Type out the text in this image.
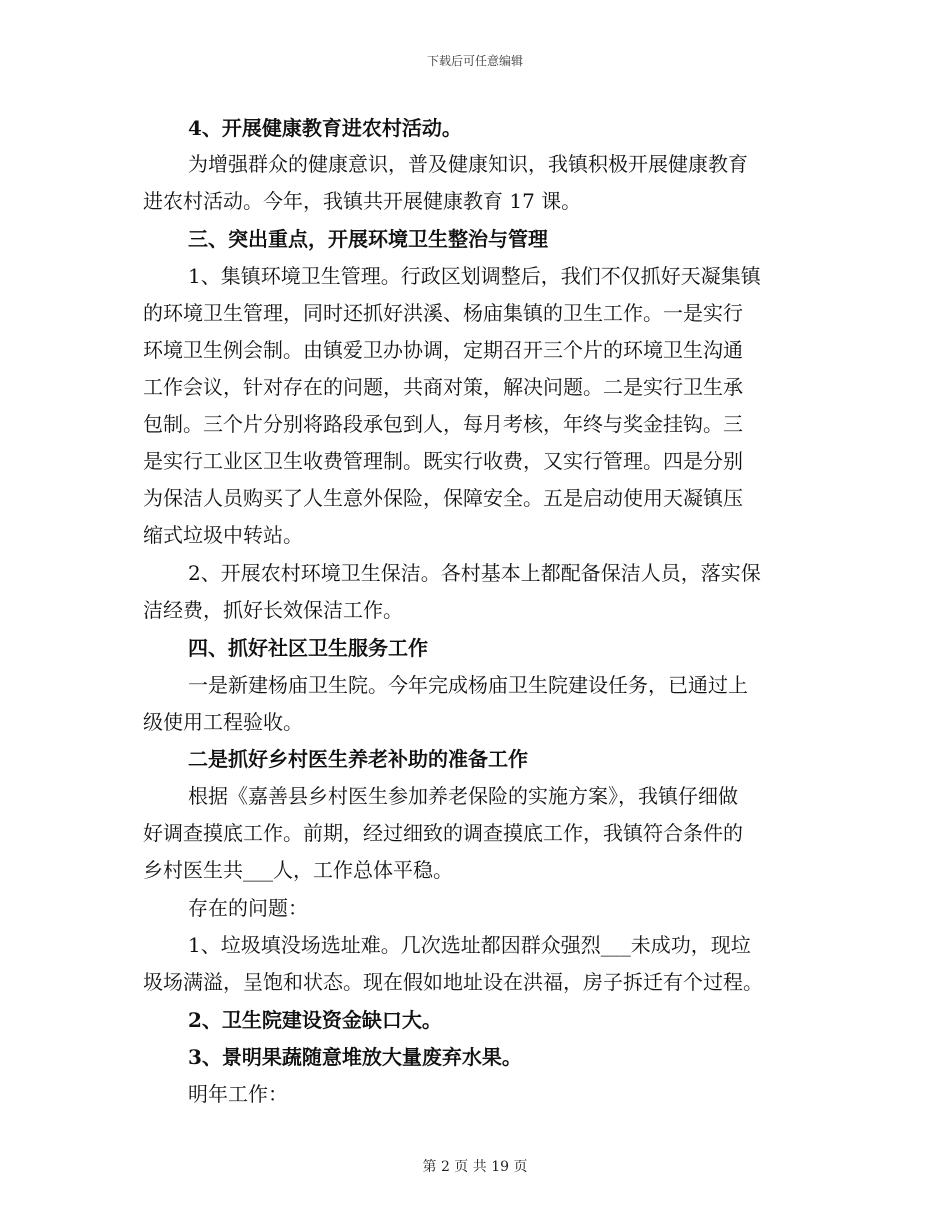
下载后可任意编辑
4、开展健康教育进农村活动。
为增强群众的健康意识，普及健康知识，我镇积极开展健康教育
进农村活动。今年，我镇共开展健康教育 17 课。
三、突出重点，开展环境卫生整治与管理
1、集镇环境卫生管理。行政区划调整后，我们不仅抓好天凝集镇
的环境卫生管理，同时还抓好洪溪、杨庙集镇的卫生工作。一是实行
环境卫生例会制。由镇爱卫办协调，定期召开三个片的环境卫生沟通
工作会议，针对存在的问题，共商对策，解决问题。二是实行卫生承
包制。三个片分别将路段承包到人，每月考核，年终与奖金挂钩。三
是实行工业区卫生收费管理制。既实行收费，又实行管理。四是分别
为保洁人员购买了人生意外保险，保障安全。五是启动使用天凝镇压
缩式垃圾中转站。
2、开展农村环境卫生保洁。各村基本上都配备保洁人员，落实保
洁经费，抓好长效保洁工作。
四、抓好社区卫生服务工作
一是新建杨庙卫生院。今年完成杨庙卫生院建设任务，已通过上
级使用工程验收。
二是抓好乡村医生养老补助的准备工作
根据《嘉善县乡村医生参加养老保险的实施方案》，我镇仔细做
好调查摸底工作。前期，经过细致的调查摸底工作，我镇符合条件的
乡村医生共___人，工作总体平稳。
存在的问题：
1、垃圾填没场选址难。几次选址都因群众强烈___未成功，现垃
圾场满溢，呈饱和状态。现在假如地址设在洪福，房子拆迁有个过程。
2、卫生院建设资金缺口大。
3、景明果蔬随意堆放大量废弃水果。
明年工作：
第 2 页 共 19 页
